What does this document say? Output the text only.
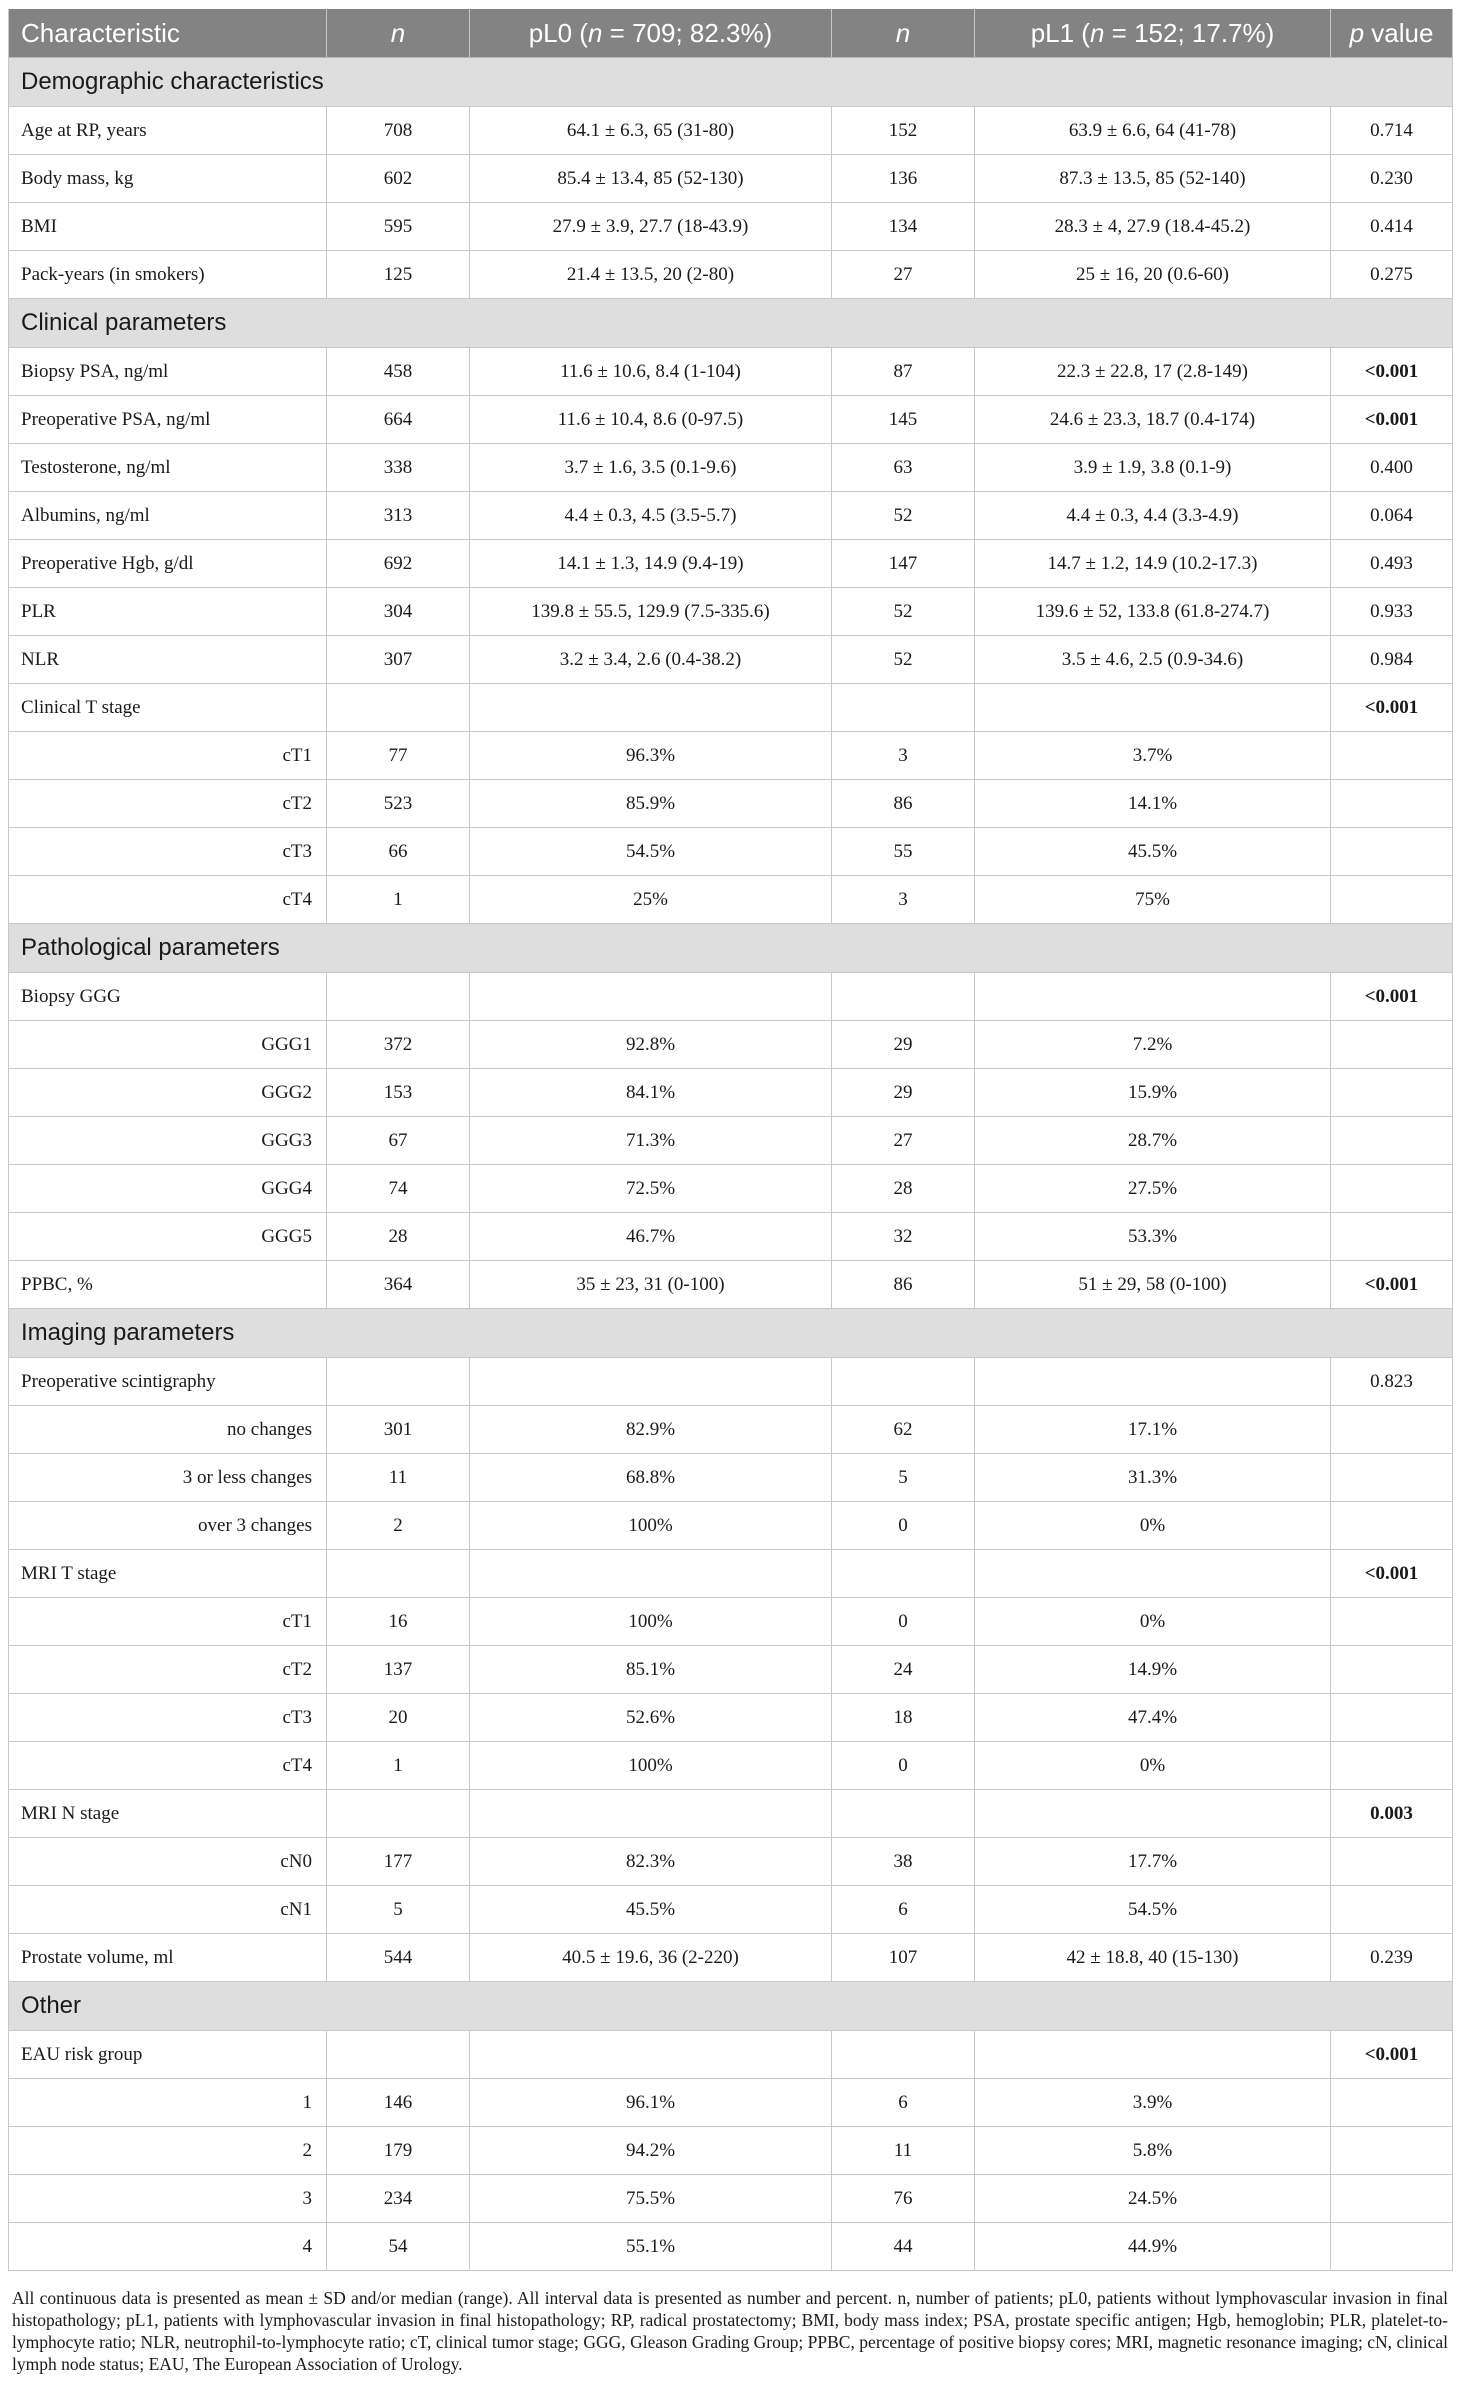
Characteristic	n	pL0 (n = 709; 82.3%)	n	pL1 (n = 152; 17.7%)	p value
Demographic characteristics					
Age at RP, years	708	64.1 ± 6.3, 65 (31-80)	152	63.9 ± 6.6, 64 (41-78)	0.714
Body mass, kg	602	85.4 ± 13.4, 85 (52-130)	136	87.3 ± 13.5, 85 (52-140)	0.230
BMI	595	27.9 ± 3.9, 27.7 (18-43.9)	134	28.3 ± 4, 27.9 (18.4-45.2)	0.414
Pack-years (in smokers)	125	21.4 ± 13.5, 20 (2-80)	27	25 ± 16, 20 (0.6-60)	0.275
Clinical parameters					
Biopsy PSA, ng/ml	458	11.6 ± 10.6, 8.4 (1-104)	87	22.3 ± 22.8, 17 (2.8-149)	<0.001
Preoperative PSA, ng/ml	664	11.6 ± 10.4, 8.6 (0-97.5)	145	24.6 ± 23.3, 18.7 (0.4-174)	<0.001
Testosterone, ng/ml	338	3.7 ± 1.6, 3.5 (0.1-9.6)	63	3.9 ± 1.9, 3.8 (0.1-9)	0.400
Albumins, ng/ml	313	4.4 ± 0.3, 4.5 (3.5-5.7)	52	4.4 ± 0.3, 4.4 (3.3-4.9)	0.064
Preoperative Hgb, g/dl	692	14.1 ± 1.3, 14.9 (9.4-19)	147	14.7 ± 1.2, 14.9 (10.2-17.3)	0.493
PLR	304	139.8 ± 55.5, 129.9 (7.5-335.6)	52	139.6 ± 52, 133.8 (61.8-274.7)	0.933
NLR	307	3.2 ± 3.4, 2.6 (0.4-38.2)	52	3.5 ± 4.6, 2.5 (0.9-34.6)	0.984
Clinical T stage					<0.001
cT1	77	96.3%	3	3.7%	
cT2	523	85.9%	86	14.1%	
cT3	66	54.5%	55	45.5%	
cT4	1	25%	3	75%	
Pathological parameters					
Biopsy GGG					<0.001
GGG1	372	92.8%	29	7.2%	
GGG2	153	84.1%	29	15.9%	
GGG3	67	71.3%	27	28.7%	
GGG4	74	72.5%	28	27.5%	
GGG5	28	46.7%	32	53.3%	
PPBC, %	364	35 ± 23, 31 (0-100)	86	51 ± 29, 58 (0-100)	<0.001
Imaging parameters					
Preoperative scintigraphy					0.823
no changes	301	82.9%	62	17.1%	
3 or less changes	11	68.8%	5	31.3%	
over 3 changes	2	100%	0	0%	
MRI T stage					<0.001
cT1	16	100%	0	0%	
cT2	137	85.1%	24	14.9%	
cT3	20	52.6%	18	47.4%	
cT4	1	100%	0	0%	
MRI N stage					0.003
cN0	177	82.3%	38	17.7%	
cN1	5	45.5%	6	54.5%	
Prostate volume, ml	544	40.5 ± 19.6, 36 (2-220)	107	42 ± 18.8, 40 (15-130)	0.239
Other					
EAU risk group					<0.001
1	146	96.1%	6	3.9%	
2	179	94.2%	11	5.8%	
3	234	75.5%	76	24.5%	
4	54	55.1%	44	44.9%	

All continuous data is presented as mean ± SD and/or median (range). All interval data is presented as number and percent. n, number of patients; pL0, patients without lymphovascular invasion in final histopathology; pL1, patients with lymphovascular invasion in final histopathology; RP, radical prostatectomy; BMI, body mass index; PSA, prostate specific antigen; Hgb, hemoglobin; PLR, platelet-to-lymphocyte ratio; NLR, neutrophil-to-lymphocyte ratio; cT, clinical tumor stage; GGG, Gleason Grading Group; PPBC, percentage of positive biopsy cores; MRI, magnetic resonance imaging; cN, clinical lymph node status; EAU, The European Association of Urology.
